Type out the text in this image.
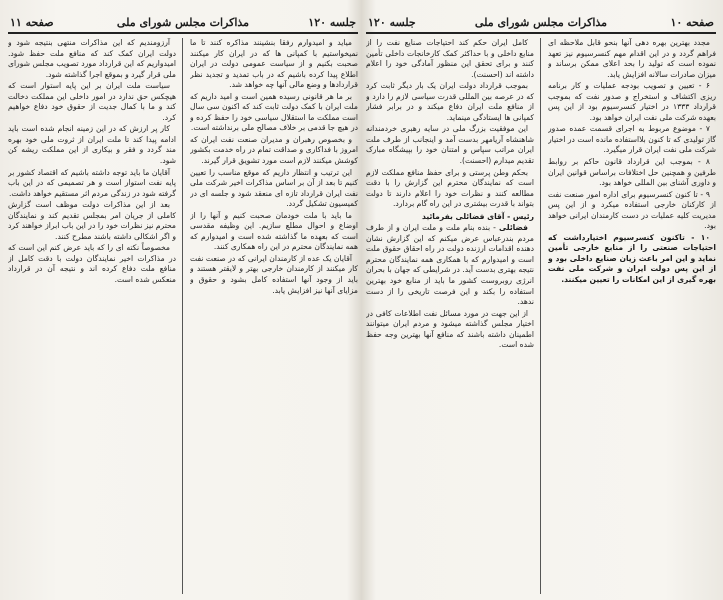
صفحه ۱۱	مذاکرات مجلس شورای ملی	جلسه ۱۲۰

میاید و امیدوارم رفقا بنشینند مذاکره کنند تا ما نمیخواستیم با کمپانی ها که در ایران کار میکنند صحبت بکنیم و از سیاست عمومی دولت در ایران اطلاع پیدا کرده باشیم که در باب تمدید و تجدید نظر قراردادها و وضع مالی آنها چه خواهد شد.

بر ما هر قانونی رسیده همین است و امید داریم که ملت ایران با کمک دولت ثابت کند که اکنون سی سال است مملکت ما استقلال سیاسی خود را حفظ کرده و در هیچ جا قدمی بر خلاف مصالح ملی برنداشته است.

و بخصوص رهبران و مدیران صنعت نفت ایران که امروز با فداکاری و صداقت تمام در راه خدمت بکشور کوشش میکنند لازم است مورد تشویق قرار گیرند.

این ترتیب و انتظار داریم که موقع مناسب را تعیین کنیم تا بعد از آن بر اساس مذاکرات اخیر شرکت ملی نفت ایران قرارداد تازه ای منعقد شود و جلسه ای در کمیسیون تشکیل گردد.

ما باید با ملت خودمان صحبت کنیم و آنها را از اوضاع و احوال مطلع سازیم. این وظیفه مقدسی است که بعهده ما گذاشته شده است و امیدوارم که همه نمایندگان محترم در این راه همکاری کنند.

آقایان یک عده از کارمندان ایرانی که در صنعت نفت کار میکنند از کارمندان خارجی بهتر و لایقتر هستند و باید از وجود آنها استفاده کامل بشود و حقوق و مزایای آنها نیز افزایش یابد.

آرزومندیم که این مذاکرات منتهی بنتیجه شود و دولت ایران کمک کند که منافع ملت حفظ شود. امیدواریم که این قرارداد مورد تصویب مجلس شورای ملی قرار گیرد و بموقع اجرا گذاشته شود.

سیاست ملت ایران بر این پایه استوار است که هیچکس حق ندارد در امور داخلی این مملکت دخالت کند و ما با کمال جدیت از حقوق خود دفاع خواهیم کرد.

کار پر ارزش که در این زمینه انجام شده است باید ادامه پیدا کند تا ملت ایران از ثروت ملی خود بهره مند گردد و فقر و بیکاری از این مملکت ریشه کن شود.

آقایان ما باید توجه داشته باشیم که اقتصاد کشور بر پایه نفت استوار است و هر تصمیمی که در این باب گرفته شود در زندگی مردم اثر مستقیم خواهد داشت.

بعد از این مذاکرات دولت موظف است گزارش کاملی از جریان امر بمجلس تقدیم کند و نمایندگان محترم نیز نظرات خود را در این باب ابراز خواهند کرد و اگر اشکالی داشته باشند مطرح کنند.

مخصوصاً نکته ای را که باید عرض کنم این است که در مذاکرات اخیر نمایندگان دولت با دقت کامل از منافع ملت دفاع کرده اند و نتیجه آن در قرارداد منعکس شده است.

صفحه ۱۰
مذاکرات مجلس شورای ملی
جلسه ۱۲۰

مجدد بهترین بهره دهی آنها بنحو قابل ملاحظه ای فراهم گردد و در این اقدام مهم کنسرسیوم نیز تعهد نموده است که تولید را بحد اعلای ممکن برساند و میزان صادرات سالانه افزایش یابد.

۶ - تعیین و تصویب بودجه عملیات و کار برنامه ریزی اکتشاف و استخراج و صدور نفت که بموجب قرارداد ۱۳۳۳ در اختیار کنسرسیوم بود از این پس بعهده شرکت ملی نفت ایران خواهد بود.

۷ - موضوع مربوط به اجرای قسمت عمده صدور گاز تولیدی که تا کنون بلااستفاده مانده است در اختیار شرکت ملی نفت ایران قرار میگیرد.

۸ - بموجب این قرارداد قانون حاکم بر روابط طرفین و همچنین حل اختلافات براساس قوانین ایران و داوری آشنای بین المللی خواهد بود.

۹ - تا کنون کنسرسیوم برای اداره امور صنعت نفت از کارکنان خارجی استفاده میکرد و از این پس مدیریت کلیه عملیات در دست کارمندان ایرانی خواهد بود.

۱۰ - تاکنون کنسرسیوم اختیارداشت که احتیاجات صنعتی را از منابع خارجی تأمین نماید و این امر باعث زیان صنایع داخلی بود و از این پس دولت ایران و شرکت ملی نفت بهره گیری از این امکانات را تعیین میکنند.

کامل ایران حکم کند احتیاجات صنایع نفت را از منابع داخلی و با حداکثر کمک کارخانجات داخلی تأمین کنند و برای تحقق این منظور آمادگی خود را اعلام داشته اند (احسنت).

بموجب قرارداد دولت ایران یک بار دیگر ثابت کرد که در عرصه بین المللی قدرت سیاسی لازم را دارد و از منافع ملت ایران دفاع میکند و در برابر فشار کمپانی ها ایستادگی مینماید.

این موفقیت بزرگ ملی در سایه رهبری خردمندانه شاهنشاه آریامهر بدست آمد و اینجانب از طرف ملت ایران مراتب سپاس و امتنان خود را بپیشگاه مبارک تقدیم میدارم (احسنت).

بحکم وطن پرستی و برای حفظ منافع مملکت لازم است که نمایندگان محترم این گزارش را با دقت مطالعه کنند و نظرات خود را اعلام دارند تا دولت بتواند با قدرت بیشتری در این راه گام بردارد.

رئیس - آقای فضائلی بفرمائید

فضائلی - بنده بنام ملت و ملت ایران و از طرف مردم بندرعباس عرض میکنم که این گزارش نشان دهنده اقدامات ارزنده دولت در راه احقاق حقوق ملت است و امیدوارم که با همکاری همه نمایندگان محترم نتیجه بهتری بدست آید. در شرایطی که جهان با بحران انرژی روبروست کشور ما باید از منابع خود بهترین استفاده را بکند و این فرصت تاریخی را از دست ندهد.

از این جهت در مورد مسائل نفت اطلاعات کافی در اختیار مجلس گذاشته میشود و مردم ایران میتوانند اطمینان داشته باشند که منافع آنها بهترین وجه حفظ شده است.
